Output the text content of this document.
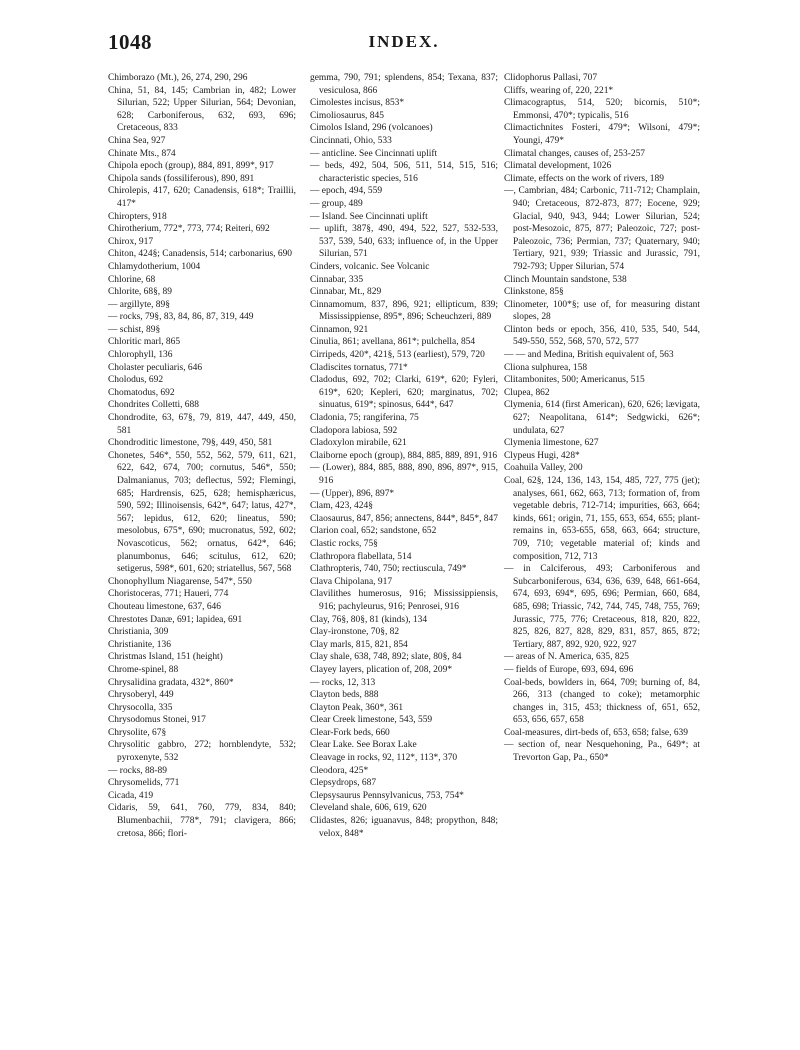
1048	INDEX.

Chimborazo (Mt.), 26, 274, 290, 296

China, 51, 84, 145; Cambrian in, 482; Lower Silurian, 522; Upper Silurian, 564; Devonian, 628; Carboniferous, 632, 693, 696; Cretaceous, 833

China Sea, 927

Chinate Mts., 874

Chipola epoch (group), 884, 891, 899*, 917

Chipola sands (fossiliferous), 890, 891

Chirolepis, 417, 620; Canadensis, 618*; Traillii, 417*

Chiropters, 918

Chirotherium, 772*, 773, 774; Reiteri, 692

Chirox, 917

Chiton, 424§; Canadensis, 514; carbonarius, 690

Chlamydotherium, 1004

Chlorine, 68

Chlorite, 68§, 89

— argillyte, 89§

— rocks, 79§, 83, 84, 86, 87, 319, 449

— schist, 89§

Chloritic marl, 865

Chlorophyll, 136

Cholaster peculiaris, 646

Cholodus, 692

Chomatodus, 692

Chondrites Colletti, 688

Chondrodite, 63, 67§, 79, 819, 447, 449, 450, 581

Chondroditic limestone, 79§, 449, 450, 581

Chonetes, 546*, 550, 552, 562, 579, 611, 621, 622, 642, 674, 700; cornutus, 546*, 550; Dalmanianus, 703; deflectus, 592; Flemingi, 685; Hardrensis, 625, 628; hemisphæricus, 590, 592; Illinoisensis, 642*, 647; latus, 427*, 567; lepidus, 612, 620; lineatus, 590; mesolobus, 675*, 690; mucronatus, 592, 602; Novascoticus, 562; ornatus, 642*, 646; planumbonus, 646; scitulus, 612, 620; setigerus, 598*, 601, 620; striatellus, 567, 568

Chonophyllum Niagarense, 547*, 550

Choristoceras, 771; Haueri, 774

Chouteau limestone, 637, 646

Chrestotes Danæ, 691; lapidea, 691

Christiania, 309

Christianite, 136

Christmas Island, 151 (height)

Chrome-spinel, 88

Chrysalidina gradata, 432*, 860*

Chrysoberyl, 449

Chrysocolla, 335

Chrysodomus Stonei, 917

Chrysolite, 67§

Chrysolitic gabbro, 272; hornblendyte, 532; pyroxenyte, 532

— rocks, 88-89

Chrysomelids, 771

Cicada, 419

Cidaris, 59, 641, 760, 779, 834, 840; Blumenbachii, 778*, 791; clavigera, 866; cretosa, 866; flori-

gemma, 790, 791; splendens, 854; Texana, 837; vesiculosa, 866

Cimolestes incisus, 853*

Cimoliosaurus, 845

Cimolos Island, 296 (volcanoes)

Cincinnati, Ohio, 533

— anticline. See Cincinnati uplift

— beds, 492, 504, 506, 511, 514, 515, 516; characteristic species, 516

— epoch, 494, 559

— group, 489

— Island. See Cincinnati uplift

— uplift, 387§, 490, 494, 522, 527, 532-533, 537, 539, 540, 633; influence of, in the Upper Silurian, 571

Cinders, volcanic. See Volcanic

Cinnabar, 335

Cinnabar, Mt., 829

Cinnamomum, 837, 896, 921; ellipticum, 839; Mississippiense, 895*, 896; Scheuchzeri, 889

Cinnamon, 921

Cinulia, 861; avellana, 861*; pulchella, 854

Cirripeds, 420*, 421§, 513 (earliest), 579, 720

Cladiscites tornatus, 771*

Cladodus, 692, 702; Clarki, 619*, 620; Fyleri, 619*, 620; Kepleri, 620; marginatus, 702; sinuatus, 619*; spinosus, 644*, 647

Cladonia, 75; rangiferina, 75

Cladopora labiosa, 592

Cladoxylon mirabile, 621

Claiborne epoch (group), 884, 885, 889, 891, 916

— (Lower), 884, 885, 888, 890, 896, 897*, 915, 916

— (Upper), 896, 897*

Clam, 423, 424§

Claosaurus, 847, 856; annectens, 844*, 845*, 847

Clarion coal, 652; sandstone, 652

Clastic rocks, 75§

Clathropora flabellata, 514

Clathropteris, 740, 750; rectiuscula, 749*

Clava Chipolana, 917

Clavilithes humerosus, 916; Mississippiensis, 916; pachyleurus, 916; Penrosei, 916

Clay, 76§, 80§, 81 (kinds), 134

Clay-ironstone, 70§, 82

Clay marls, 815, 821, 854

Clay shale, 638, 748, 892; slate, 80§, 84

Clayey layers, plication of, 208, 209*

— rocks, 12, 313

Clayton beds, 888

Clayton Peak, 360*, 361

Clear Creek limestone, 543, 559

Clear-Fork beds, 660

Clear Lake. See Borax Lake

Cleavage in rocks, 92, 112*, 113*, 370

Cleodora, 425*

Clepsydrops, 687

Clepsysaurus Pennsylvanicus, 753, 754*

Cleveland shale, 606, 619, 620

Clidastes, 826; iguanavus, 848; propython, 848; velox, 848*

Clidophorus Pallasi, 707

Cliffs, wearing of, 220, 221*

Climacograptus, 514, 520; bicornis, 510*; Emmonsi, 470*; typicalis, 516

Climactichnites Fosteri, 479*; Wilsoni, 479*; Youngi, 479*

Climatal changes, causes of, 253-257

Climatal development, 1026

Climate, effects on the work of rivers, 189

—, Cambrian, 484; Carbonic, 711-712; Champlain, 940; Cretaceous, 872-873, 877; Eocene, 929; Glacial, 940, 943, 944; Lower Silurian, 524; post-Mesozoic, 875, 877; Paleozoic, 727; post-Paleozoic, 736; Permian, 737; Quaternary, 940; Tertiary, 921, 939; Triassic and Jurassic, 791, 792-793; Upper Silurian, 574

Clinch Mountain sandstone, 538

Clinkstone, 85§

Clinometer, 100*§; use of, for measuring distant slopes, 28

Clinton beds or epoch, 356, 410, 535, 540, 544, 549-550, 552, 568, 570, 572, 577

— — and Medina, British equivalent of, 563

Cliona sulphurea, 158

Clitambonites, 500; Americanus, 515

Clupea, 862

Clymenia, 614 (first American), 620, 626; lævigata, 627; Neapolitana, 614*; Sedgwicki, 626*; undulata, 627

Clymenia limestone, 627

Clypeus Hugi, 428*

Coahuila Valley, 200

Coal, 62§, 124, 136, 143, 154, 485, 727, 775 (jet); analyses, 661, 662, 663, 713; formation of, from vegetable debris, 712-714; impurities, 663, 664; kinds, 661; origin, 71, 155, 653, 654, 655; plant-remains in, 653-655, 658, 663, 664; structure, 709, 710; vegetable material of; kinds and composition, 712, 713

— in Calciferous, 493; Carboniferous and Subcarboniferous, 634, 636, 639, 648, 661-664, 674, 693, 694*, 695, 696; Permian, 660, 684, 685, 698; Triassic, 742, 744, 745, 748, 755, 769; Jurassic, 775, 776; Cretaceous, 818, 820, 822, 825, 826, 827, 828, 829, 831, 857, 865, 872; Tertiary, 887, 892, 920, 922, 927

— areas of N. America, 635, 825

— fields of Europe, 693, 694, 696

Coal-beds, bowlders in, 664, 709; burning of, 84, 266, 313 (changed to coke); metamorphic changes in, 315, 453; thickness of, 651, 652, 653, 656, 657, 658

Coal-measures, dirt-beds of, 653, 658; false, 639

— section of, near Nesquehoning, Pa., 649*; at Trevorton Gap, Pa., 650*
